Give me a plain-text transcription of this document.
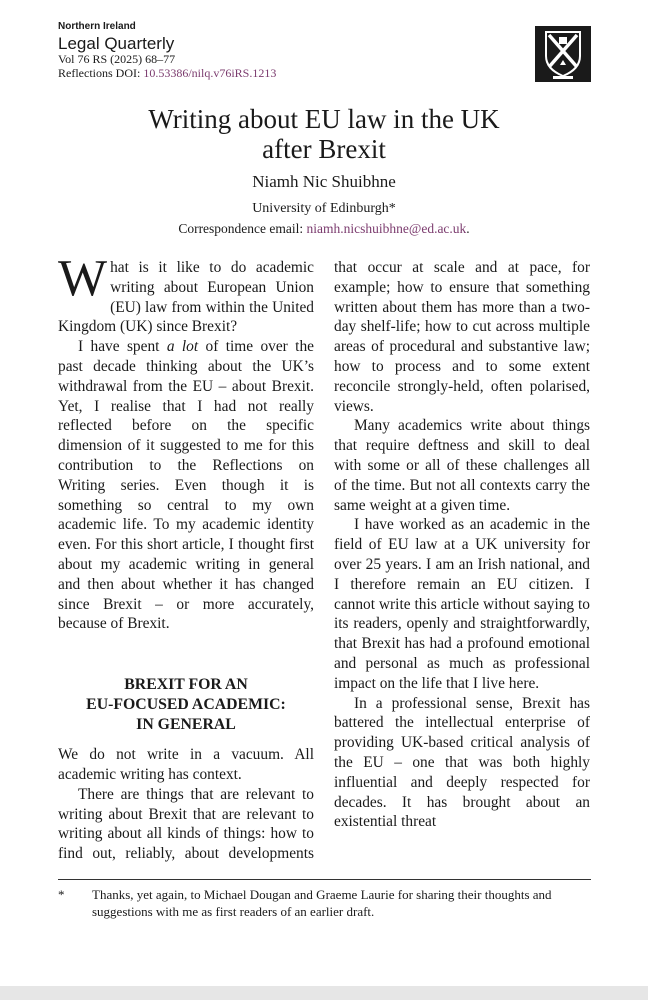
Northern Ireland
Legal Quarterly
Vol 76 RS (2025) 68–77
Reflections DOI: 10.53386/nilq.v76iRS.1213
Writing about EU law in the UK
after Brexit
Niamh Nic Shuibhne
University of Edinburgh*
Correspondence email: niamh.nicshuibhne@ed.ac.uk.

What is it like to do academic writing about European Union (EU) law from within the United Kingdom (UK) since Brexit?

I have spent a lot of time over the past decade thinking about the UK’s withdrawal from the EU – about Brexit. Yet, I realise that I had not really reflected before on the specific dimension of it suggested to me for this contribution to the Reflections on Writing series. Even though it is something so central to my own academic life. To my academic identity even. For this short article, I thought first about my academic writing in general and then about whether it has changed since Brexit – or more accurately, because of Brexit.

BREXIT FOR AN
EU-FOCUSED ACADEMIC:
IN GENERAL

We do not write in a vacuum. All academic writing has context.

There are things that are relevant to writing about Brexit that are relevant to writing about all kinds of things: how to find out, reliably, about developments

that occur at scale and at pace, for example; how to ensure that something written about them has more than a two-day shelf-life; how to cut across multiple areas of procedural and substantive law; how to process and to some extent reconcile strongly-held, often polarised, views.

Many academics write about things that require deftness and skill to deal with some or all of these challenges all of the time. But not all contexts carry the same weight at a given time.

I have worked as an academic in the field of EU law at a UK university for over 25 years. I am an Irish national, and I therefore remain an EU citizen. I cannot write this article without saying to its readers, openly and straightforwardly, that Brexit has had a profound emotional and personal as much as professional impact on the life that I live here.

In a professional sense, Brexit has battered the intellectual enterprise of providing UK-based critical analysis of the EU – one that was both highly influential and deeply respected for decades. It has brought about an existential threat

* Thanks, yet again, to Michael Dougan and Graeme Laurie for sharing their thoughts and suggestions with me as first readers of an earlier draft.
